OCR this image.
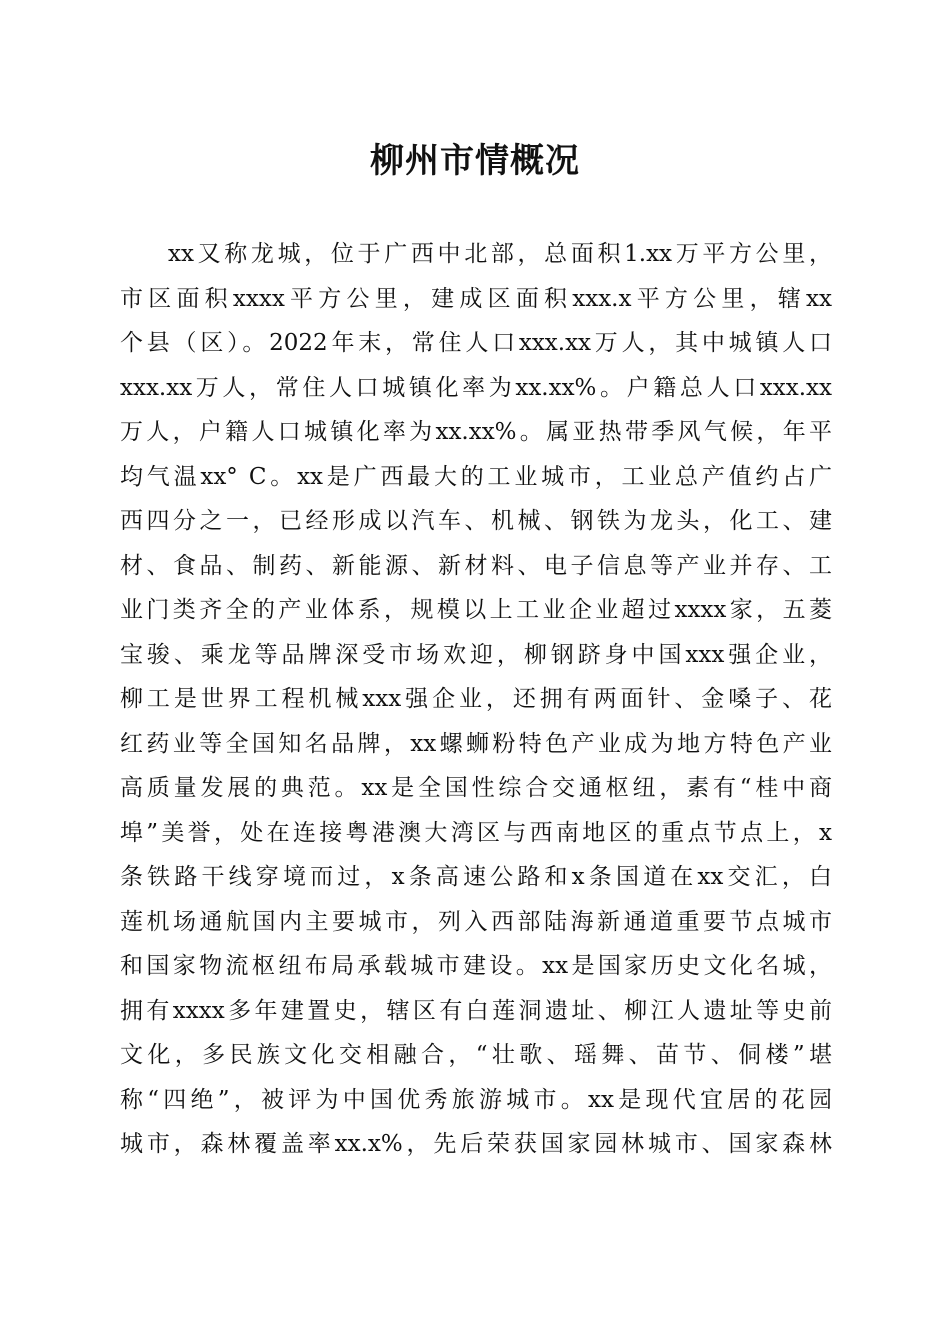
柳州市情概况
xx又称龙城，位于广西中北部，总面积1.xx万平方公里，
市区面积xxxx平方公里，建成区面积xxx.x平方公里，辖xx
个县（区）。2022年末，常住人口xxx.xx万人，其中城镇人口
xxx.xx万人，常住人口城镇化率为xx.xx%。户籍总人口xxx.xx
万人，户籍人口城镇化率为xx.xx%。属亚热带季风气候，年平
均气温xx° C。xx是广西最大的工业城市，工业总产值约占广
西四分之一，已经形成以汽车、机械、钢铁为龙头，化工、建
材、食品、制药、新能源、新材料、电子信息等产业并存、工
业门类齐全的产业体系，规模以上工业企业超过xxxx家，五菱
宝骏、乘龙等品牌深受市场欢迎，柳钢跻身中国xxx强企业，
柳工是世界工程机械xxx强企业，还拥有两面针、金嗓子、花
红药业等全国知名品牌，xx螺蛳粉特色产业成为地方特色产业
高质量发展的典范。xx是全国性综合交通枢纽，素有“桂中商
埠”美誉，处在连接粤港澳大湾区与西南地区的重点节点上，x
条铁路干线穿境而过，x条高速公路和x条国道在xx交汇，白
莲机场通航国内主要城市，列入西部陆海新通道重要节点城市
和国家物流枢纽布局承载城市建设。xx是国家历史文化名城，
拥有xxxx多年建置史，辖区有白莲洞遗址、柳江人遗址等史前
文化，多民族文化交相融合，“壮歌、瑶舞、苗节、侗楼”堪
称“四绝”，被评为中国优秀旅游城市。xx是现代宜居的花园
城市，森林覆盖率xx.x%，先后荣获国家园林城市、国家森林
